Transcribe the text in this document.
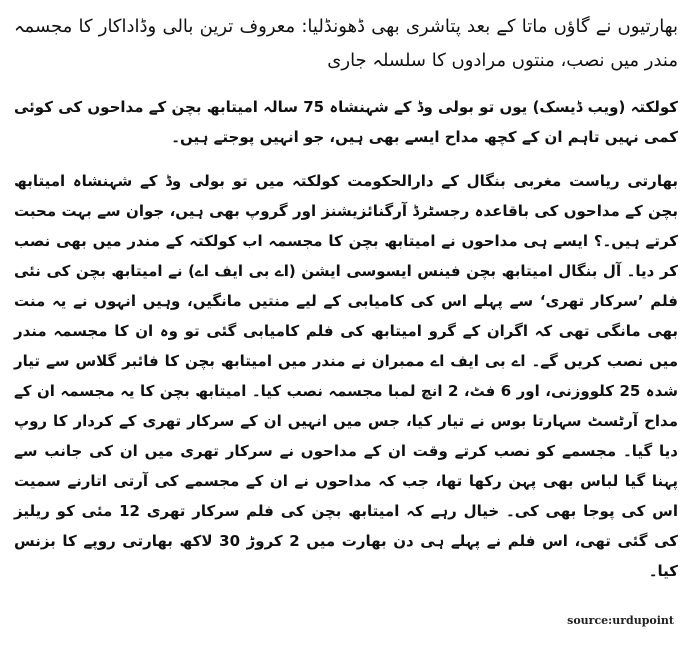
بھارتیوں نے گاؤں ماتا کے بعد پتاشری بھی ڈھونڈلیا: معروف ترین بالی وڈاداکار کا مجسمہ مندر میں نصب، منتوں مرادوں کا سلسلہ جاری

کولکتہ (ویب ڈیسک) یوں تو بولی وڈ کے شہنشاہ 75 سالہ امیتابھ بچن کے مداحوں کی کوئی کمی نہیں تاہم ان کے کچھ مداح ایسے بھی ہیں، جو انہیں پوجتے ہیں۔

بھارتی ریاست مغربی بنگال کے دارالحکومت کولکتہ میں تو بولی وڈ کے شہنشاہ امیتابھ بچن کے مداحوں کی باقاعدہ رجسٹرڈ آرگنائزیشنز اور گروپ بھی ہیں، جوان سے بہت محبت کرتے ہیں۔؟ ایسے ہی مداحوں نے امیتابھ بچن کا مجسمہ اب کولکتہ کے مندر میں بھی نصب کر دیا۔ آل بنگال امیتابھ بچن فینس ایسوسی ایشن (اے بی ایف اے) نے امیتابھ بچن کی نئی فلم ’سرکار تھری‘ سے پہلے اس کی کامیابی کے لیے منتیں مانگیں، وہیں انہوں نے یہ منت بھی مانگی تھی کہ اگران کے گرو امیتابھ کی فلم کامیابی گئی تو وہ ان کا مجسمہ مندر میں نصب کریں گے۔ اے بی ایف اے ممبران نے مندر میں امیتابھ بچن کا فائبر گلاس سے تیار شدہ 25 کلووزنی، اور 6 فٹ، 2 انچ لمبا مجسمہ نصب کیا۔ امیتابھ بچن کا یہ مجسمہ ان کے مداح آرٹسٹ سہارتا بوس نے تیار کیا، جس میں انہیں ان کے سرکار تھری کے کردار کا روپ دیا گیا۔ مجسمے کو نصب کرتے وقت ان کے مداحوں نے سرکار تھری میں ان کی جانب سے پہنا گیا لباس بھی پہن رکھا تھا، جب کہ مداحوں نے ان کے مجسمے کی آرتی اتارنے سمیت اس کی پوجا بھی کی۔ خیال رہے کہ امیتابھ بچن کی فلم سرکار تھری 12 مئی کو ریلیز کی گئی تھی، اس فلم نے پہلے ہی دن بھارت میں 2 کروڑ 30 لاکھ بھارتی روپے کا بزنس کیا۔

source:urdupoint
